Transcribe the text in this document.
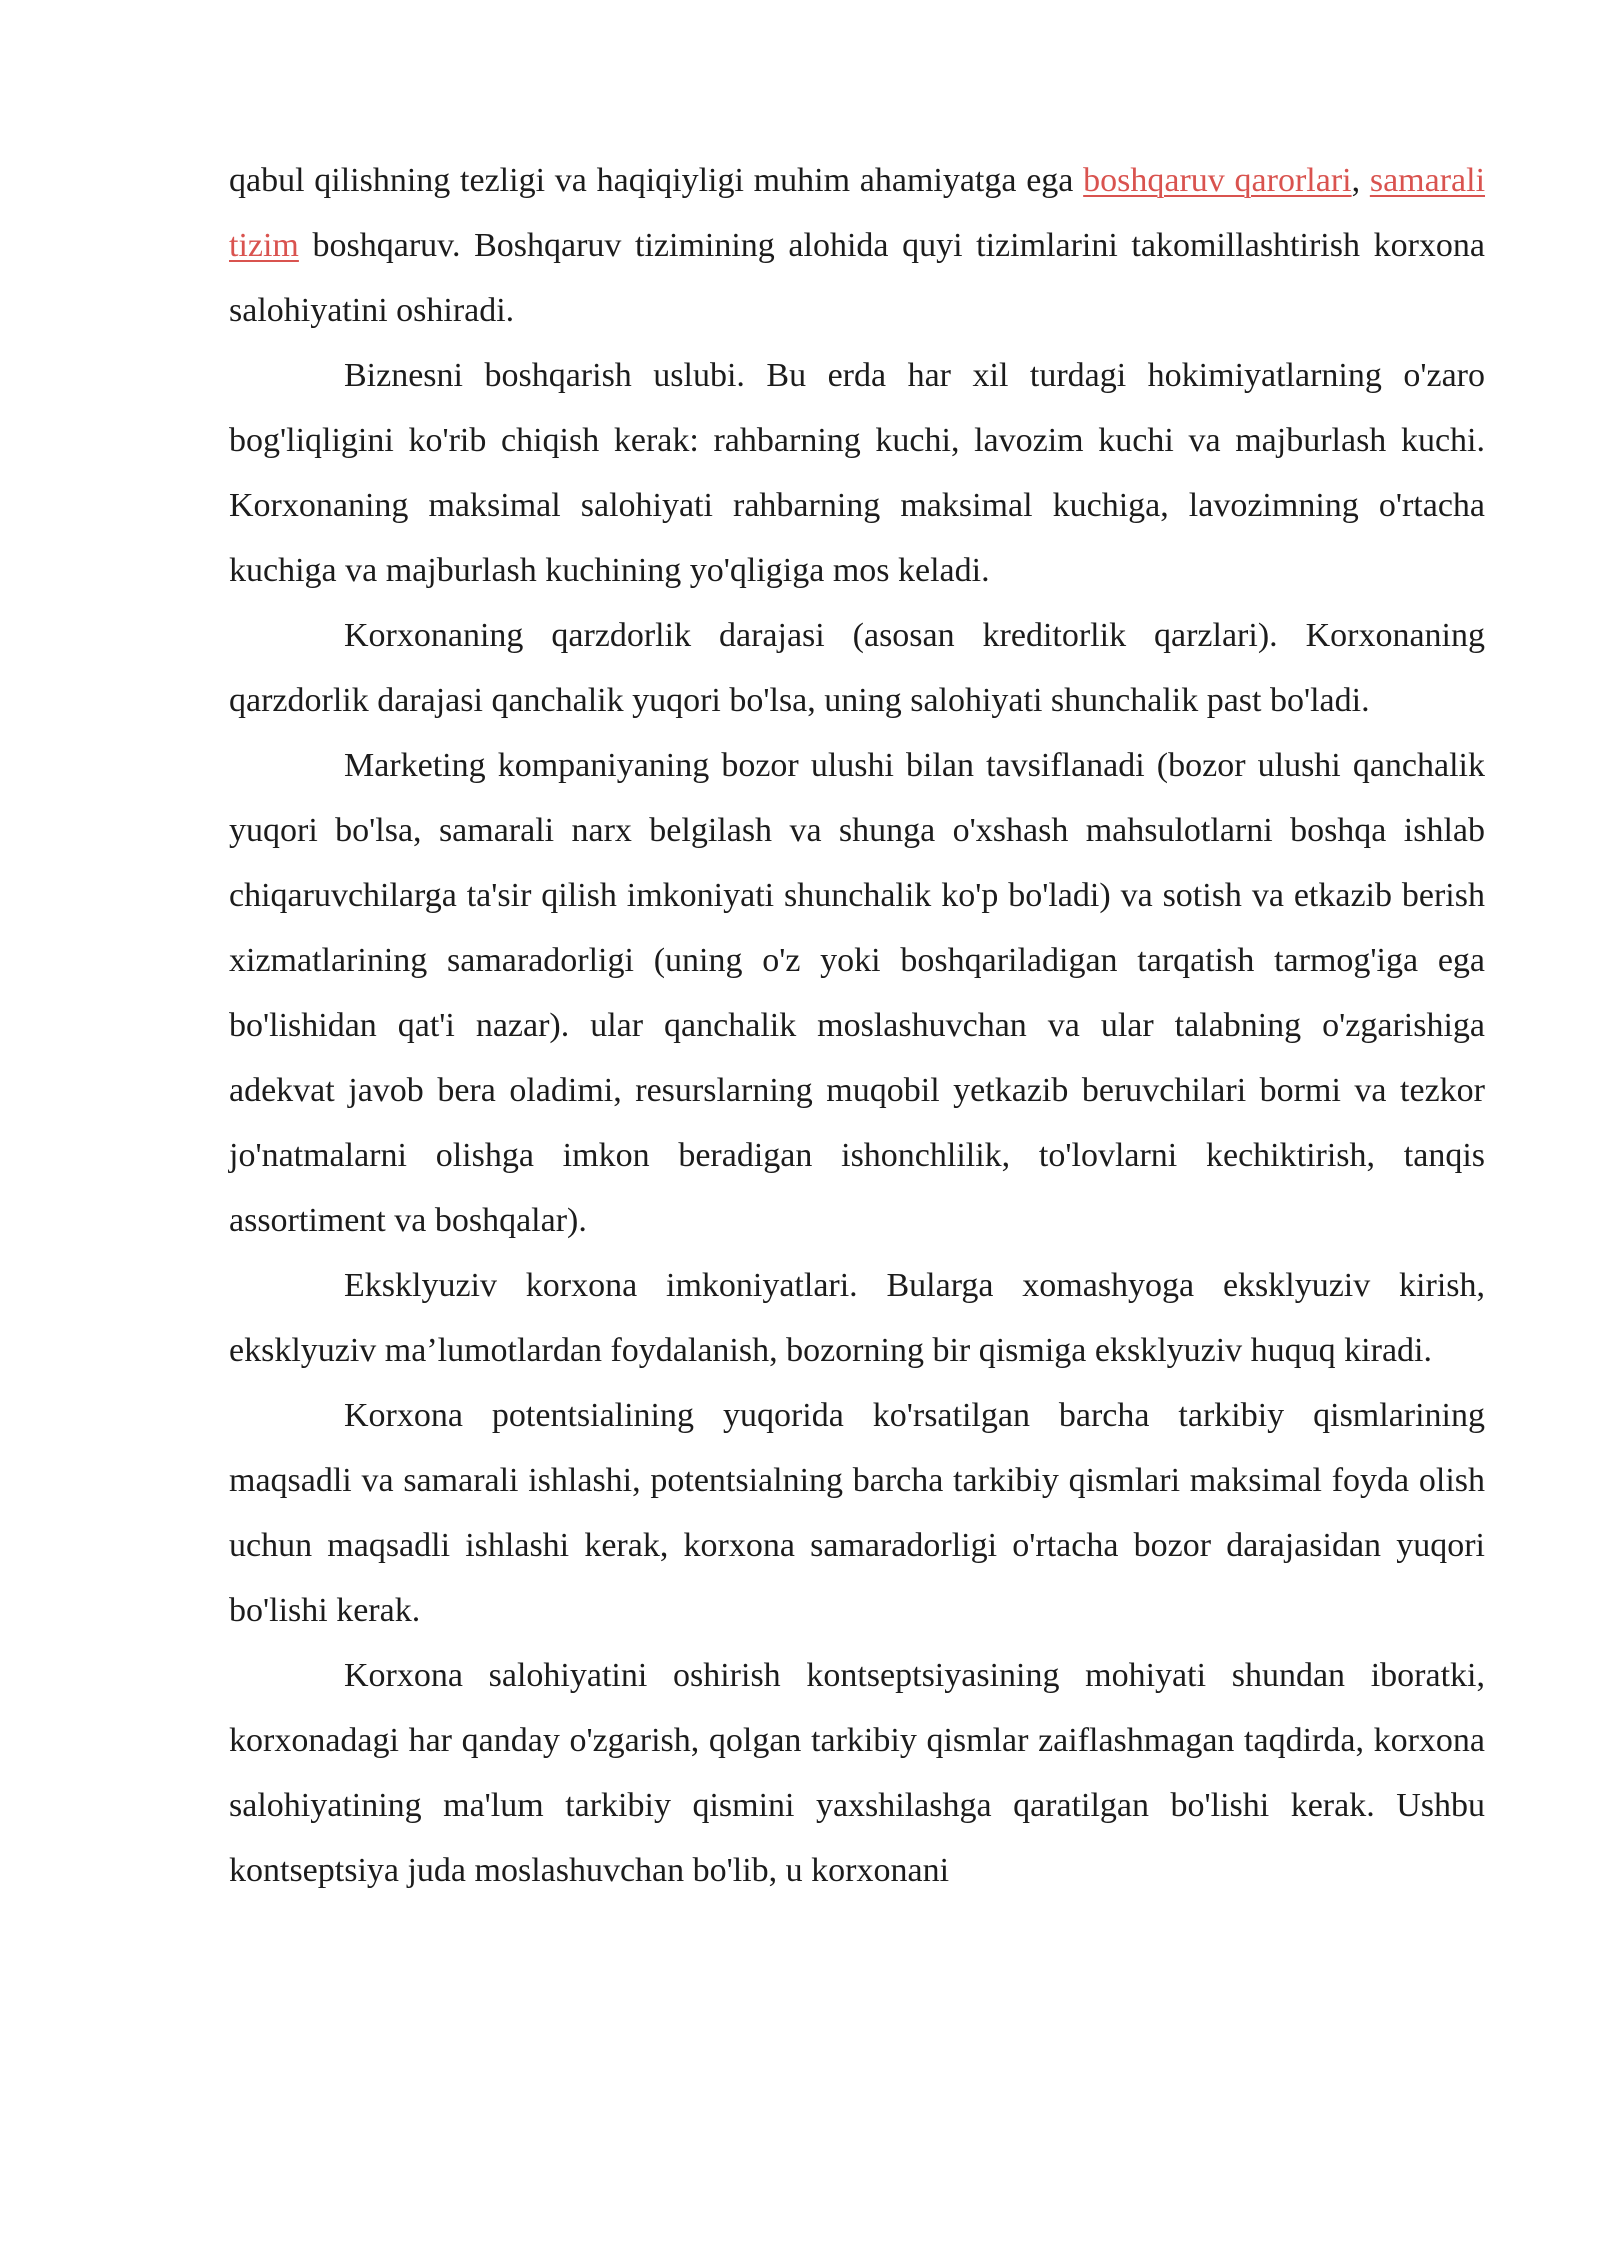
qabul qilishning tezligi va haqiqiyligi muhim ahamiyatga ega boshqaruv qarorlari, samarali tizim boshqaruv. Boshqaruv tizimining alohida quyi tizimlarini takomillashtirish korxona salohiyatini oshiradi.

Biznesni boshqarish uslubi. Bu erda har xil turdagi hokimiyatlarning o'zaro bog'liqligini ko'rib chiqish kerak: rahbarning kuchi, lavozim kuchi va majburlash kuchi. Korxonaning maksimal salohiyati rahbarning maksimal kuchiga, lavozimning o'rtacha kuchiga va majburlash kuchining yo'qligiga mos keladi.

Korxonaning qarzdorlik darajasi (asosan kreditorlik qarzlari). Korxonaning qarzdorlik darajasi qanchalik yuqori bo'lsa, uning salohiyati shunchalik past bo'ladi.

Marketing kompaniyaning bozor ulushi bilan tavsiflanadi (bozor ulushi qanchalik yuqori bo'lsa, samarali narx belgilash va shunga o'xshash mahsulotlarni boshqa ishlab chiqaruvchilarga ta'sir qilish imkoniyati shunchalik ko'p bo'ladi) va sotish va etkazib berish xizmatlarining samaradorligi (uning o'z yoki boshqariladigan tarqatish tarmog'iga ega bo'lishidan qat'i nazar). ular qanchalik moslashuvchan va ular talabning o'zgarishiga adekvat javob bera oladimi, resurslarning muqobil yetkazib beruvchilari bormi va tezkor jo'natmalarni olishga imkon beradigan ishonchlilik, to'lovlarni kechiktirish, tanqis assortiment va boshqalar).

Eksklyuziv korxona imkoniyatlari. Bularga xomashyoga eksklyuziv kirish, eksklyuziv ma’lumotlardan foydalanish, bozorning bir qismiga eksklyuziv huquq kiradi.

Korxona potentsialining yuqorida ko'rsatilgan barcha tarkibiy qismlarining maqsadli va samarali ishlashi, potentsialning barcha tarkibiy qismlari maksimal foyda olish uchun maqsadli ishlashi kerak, korxona samaradorligi o'rtacha bozor darajasidan yuqori bo'lishi kerak.

Korxona salohiyatini oshirish kontseptsiyasining mohiyati shundan iboratki, korxonadagi har qanday o'zgarish, qolgan tarkibiy qismlar zaiflashmagan taqdirda, korxona salohiyatining ma'lum tarkibiy qismini yaxshilashga qaratilgan bo'lishi kerak. Ushbu kontseptsiya juda moslashuvchan bo'lib, u korxonani
